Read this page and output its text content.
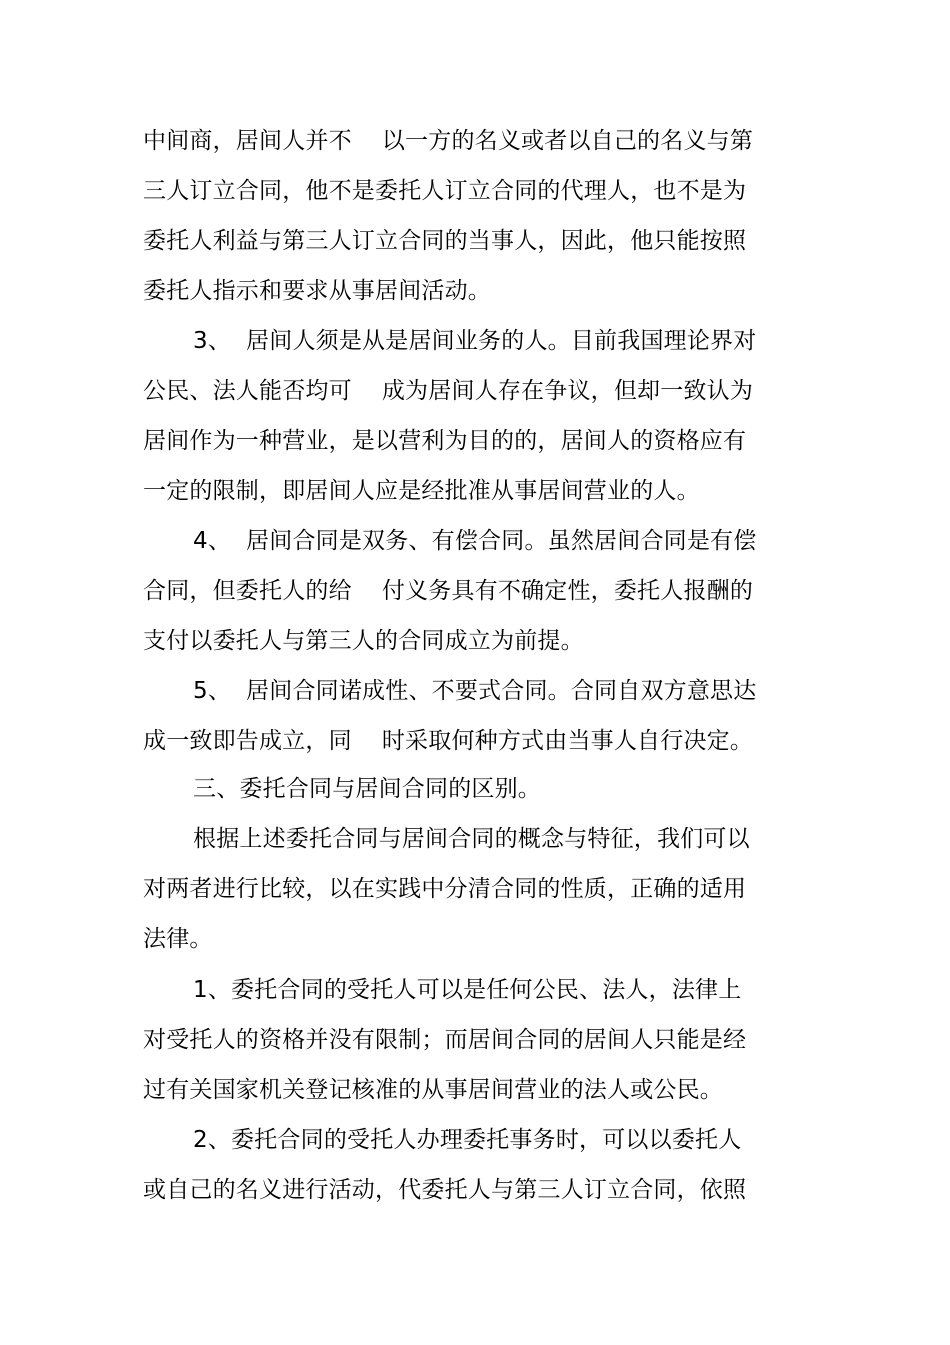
中间商，居间人并不    以一方的名义或者以自己的名义与第
三人订立合同，他不是委托人订立合同的代理人，也不是为
委托人利益与第三人订立合同的当事人，因此，他只能按照
委托人指示和要求从事居间活动。
3、  居间人须是从是居间业务的人。目前我国理论界对
公民、法人能否均可    成为居间人存在争议，但却一致认为
居间作为一种营业，是以营利为目的的，居间人的资格应有
一定的限制，即居间人应是经批准从事居间营业的人。
4、  居间合同是双务、有偿合同。虽然居间合同是有偿
合同，但委托人的给    付义务具有不确定性，委托人报酬的
支付以委托人与第三人的合同成立为前提。
5、  居间合同诺成性、不要式合同。合同自双方意思达
成一致即告成立，同    时采取何种方式由当事人自行决定。
三、委托合同与居间合同的区别。
根据上述委托合同与居间合同的概念与特征，我们可以
对两者进行比较，以在实践中分清合同的性质，正确的适用
法律。
1、委托合同的受托人可以是任何公民、法人，法律上
对受托人的资格并没有限制；而居间合同的居间人只能是经
过有关国家机关登记核准的从事居间营业的法人或公民。
2、委托合同的受托人办理委托事务时，可以以委托人
或自己的名义进行活动，代委托人与第三人订立合同，依照
